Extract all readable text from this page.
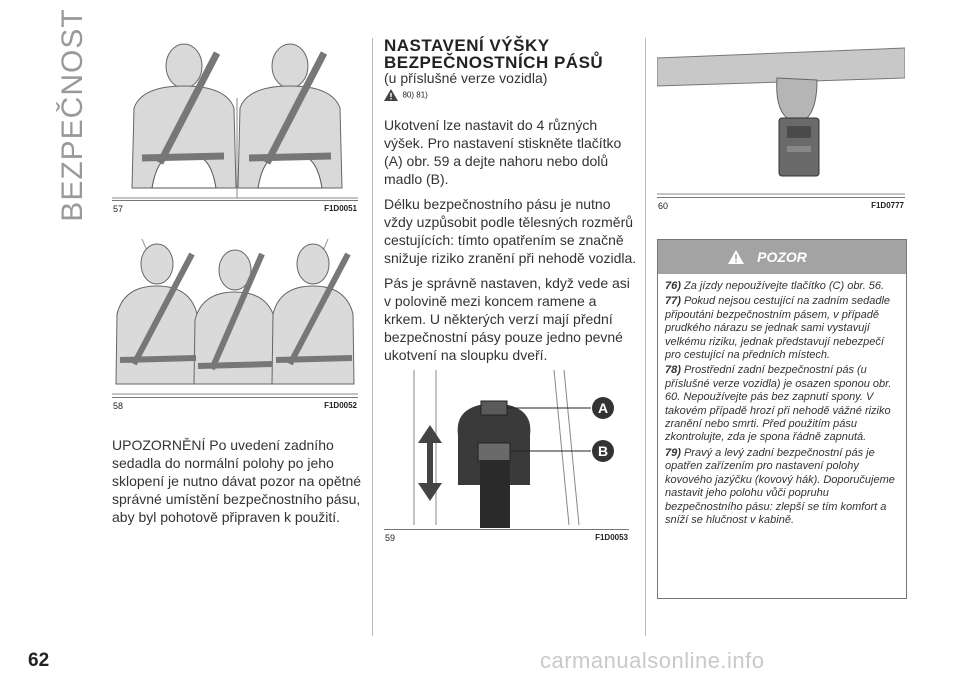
BEZPEČNOST	57	F1D0051
58	F1D0052

UPOZORNĚNÍ Po uvedení zadního sedadla do normální polohy po jeho sklopení je nutno dávat pozor na opětné správné umístění bezpečnostního pásu, aby byl pohotově připraven k použití.

NASTAVENÍ VÝŠKY
BEZPEČNOSTNÍCH PÁSŮ
(u příslušné verze vozidla)
80) 81)

Ukotvení lze nastavit do 4 různých výšek. Pro nastavení stiskněte tlačítko (A) obr. 59 a dejte nahoru nebo dolů madlo (B).

Délku bezpečnostního pásu je nutno vždy uzpůsobit podle tělesných rozměrů cestujících: tímto opatřením se značně snižuje riziko zranění při nehodě vozidla.

Pás je správně nastaven, když vede asi v polovině mezi koncem ramene a krkem. U některých verzí mají přední bezpečnostní pásy pouze jedno pevné ukotvení na sloupku dveří.

A
B
59	F1D0053
60	F1D0777
POZOR
76) Za jízdy nepoužívejte tlačítko (C) obr. 56.
77) Pokud nejsou cestující na zadním sedadle připoutáni bezpečnostním pásem, v případě prudkého nárazu se jednak sami vystavují velkému riziku, jednak představují nebezpečí pro cestující na předních místech.
78) Prostřední zadní bezpečnostní pás (u příslušné verze vozidla) je osazen sponou obr. 60. Nepoužívejte pás bez zapnutí spony. V takovém případě hrozí při nehodě vážné riziko zranění nebo smrti. Před použitím pásu zkontrolujte, zda je spona řádně zapnutá.
79) Pravý a levý zadní bezpečnostní pás je opatřen zařízením pro nastavení polohy kovového jazýčku (kovový hák). Doporučujeme nastavit jeho polohu vůči popruhu bezpečnostního pásu: zlepší se tím komfort a sníží se hlučnost v kabině.
62	carmanualsonline.info
